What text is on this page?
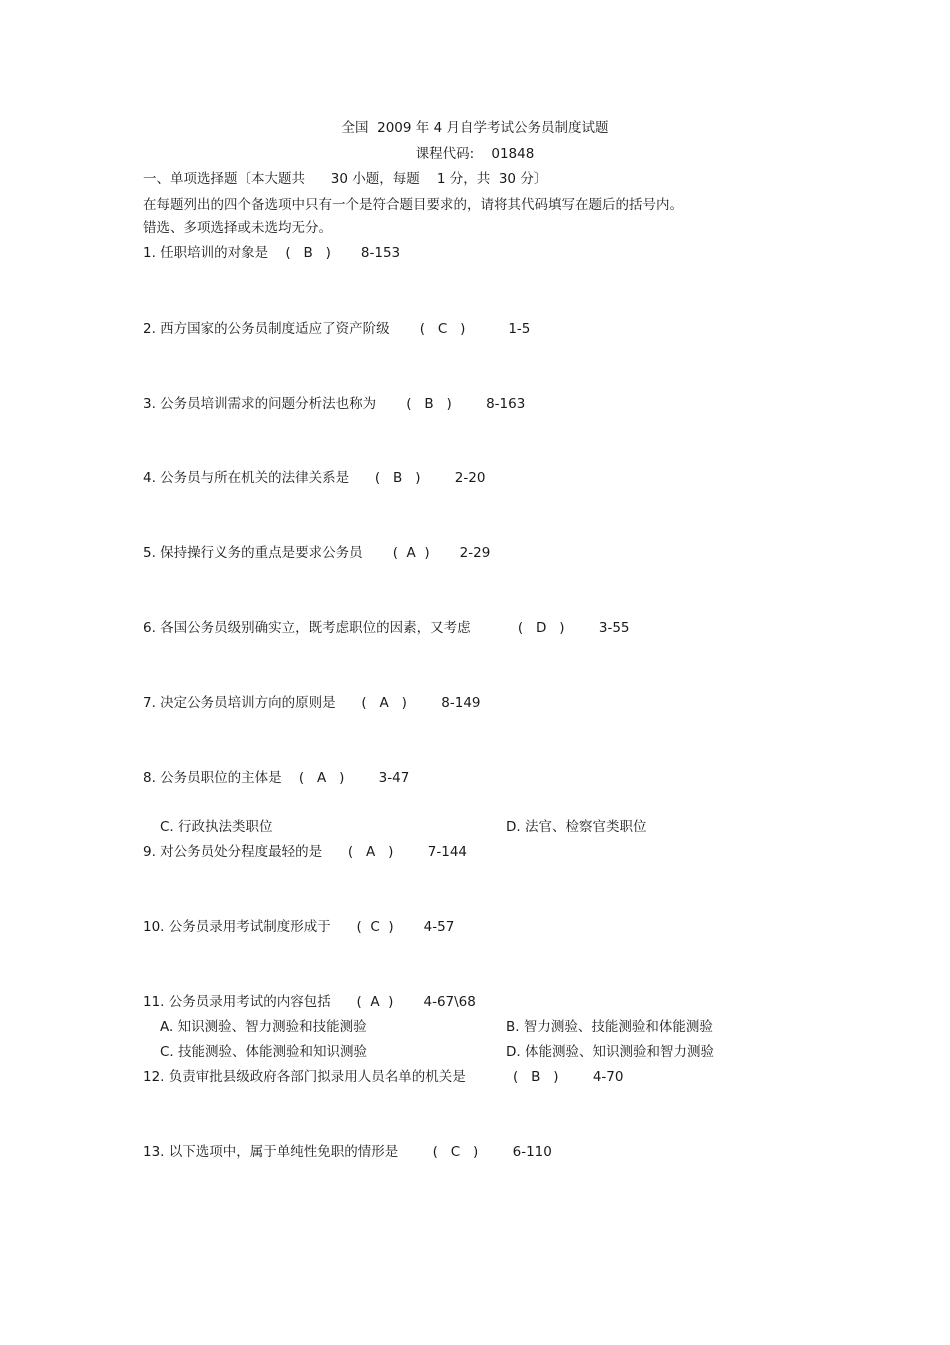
全国  2009 年 4 月自学考试公务员制度试题
课程代码:    01848
一、单项选择题〔本大题共      30 小题，每题    1 分，共  30 分〕
在每题列出的四个备选项中只有一个是符合题目要求的，请将其代码填写在题后的括号内。
错选、多项选择或未选均无分。
1. 任职培训的对象是    (   B   )       8-153
2. 西方国家的公务员制度适应了资产阶级       (   C   )          1-5
3. 公务员培训需求的问题分析法也称为       (   B   )        8-163
4. 公务员与所在机关的法律关系是      (   B   )        2-20
5. 保持操行义务的重点是要求公务员       (  A  )       2-29
6. 各国公务员级别确实立，既考虑职位的因素，又考虑           (   D   )        3-55
7. 决定公务员培训方向的原则是      (   A   )        8-149
8. 公务员职位的主体是    (   A   )        3-47
C. 行政执法类职位	D. 法官、检察官类职位
9. 对公务员处分程度最轻的是      (   A   )        7-144
10. 公务员录用考试制度形成于      (  C  )       4-57
11. 公务员录用考试的内容包括      (  A  )       4-67\68
A. 知识测验、智力测验和技能测验	B. 智力测验、技能测验和体能测验
C. 技能测验、体能测验和知识测验	D. 体能测验、知识测验和智力测验
12. 负责审批县级政府各部门拟录用人员名单的机关是           (   B   )        4-70
13. 以下选项中，属于单纯性免职的情形是        (   C   )        6-110
